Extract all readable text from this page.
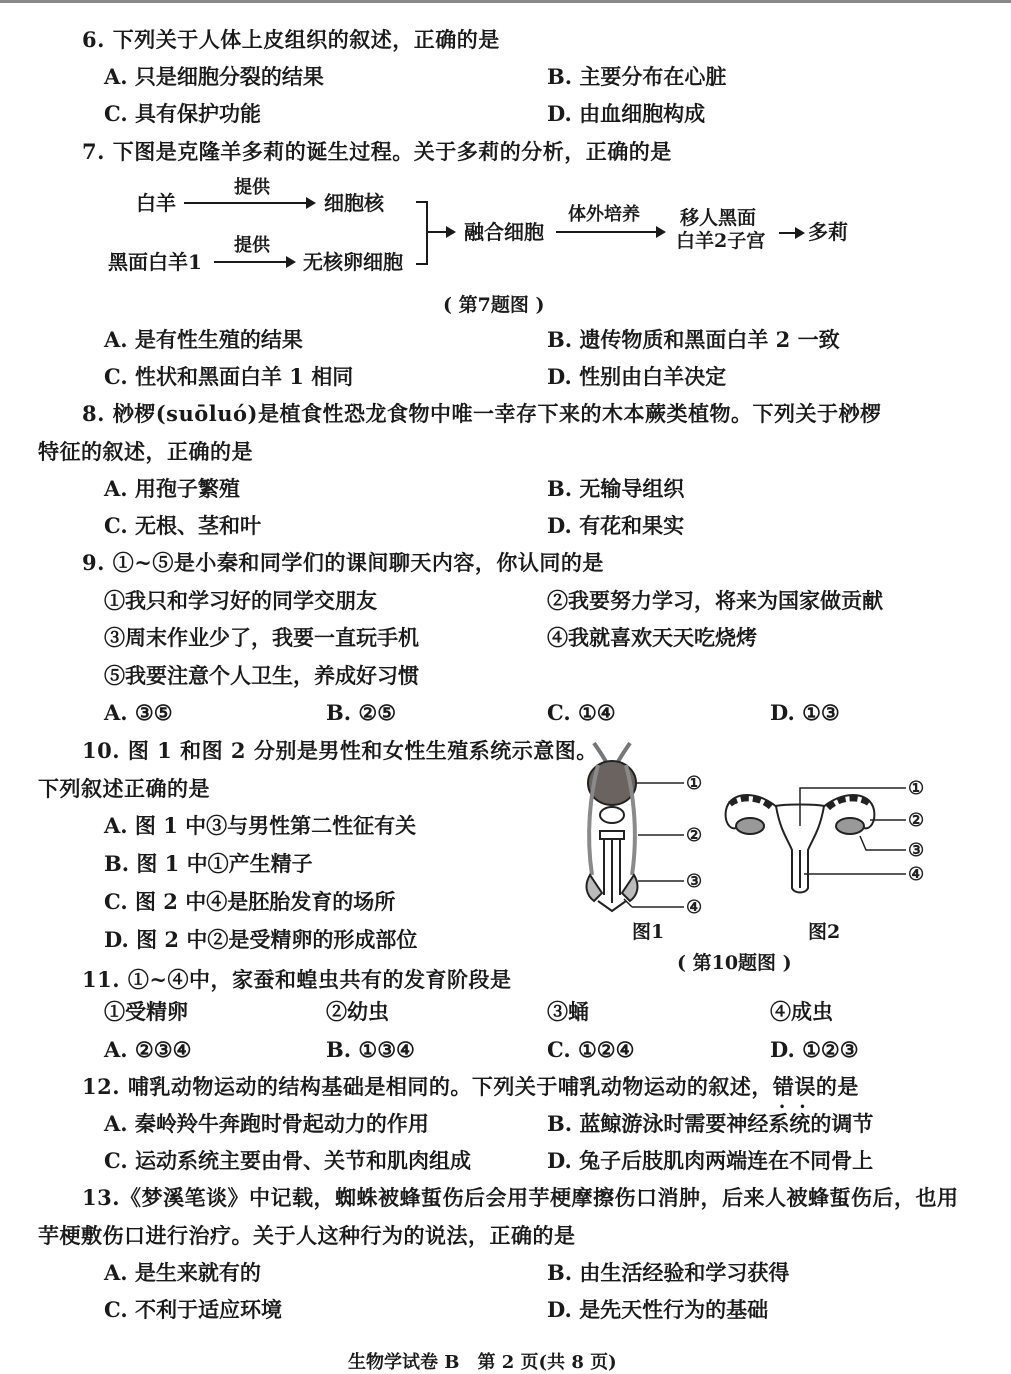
6. 下列关于人体上皮组织的叙述，正确的是
A. 只是细胞分裂的结果	B. 主要分布在心脏
C. 具有保护功能	D. 由血细胞构成
7. 下图是克隆羊多莉的诞生过程。关于多莉的分析，正确的是
白羊
提供
细胞核
黑面白羊1
提供
无核卵细胞
融合细胞
体外培养 移人黑面
白羊2子宫 多莉
( 第7题图 )
A. 是有性生殖的结果	B. 遗传物质和黑面白羊 2 一致
C. 性状和黑面白羊 1 相同	D. 性别由白羊决定
8. 桫椤(suōluó)是植食性恐龙食物中唯一幸存下来的木本蕨类植物。下列关于桫椤
特征的叙述，正确的是
A. 用孢子繁殖	B. 无输导组织
C. 无根、茎和叶	D. 有花和果实
9. ①~⑤是小秦和同学们的课间聊天内容，你认同的是
①我只和学习好的同学交朋友	②我要努力学习，将来为国家做贡献
③周末作业少了，我要一直玩手机	④我就喜欢天天吃烧烤
⑤我要注意个人卫生，养成好习惯
A. ③⑤	B. ②⑤	C. ①④	D. ①③
10. 图 1 和图 2 分别是男性和女性生殖系统示意图。
下列叙述正确的是
A. 图 1 中③与男性第二性征有关
B. 图 1 中①产生精子
C. 图 2 中④是胚胎发育的场所
D. 图 2 中②是受精卵的形成部位
①
②
③
④
①
②
③
④
图1	图2
( 第10题图 )
11. ①~④中，家蚕和蝗虫共有的发育阶段是
①受精卵	②幼虫	③蛹	④成虫
A. ②③④	B. ①③④	C. ①②④	D. ①②③
12. 哺乳动物运动的结构基础是相同的。下列关于哺乳动物运动的叙述，错误
••
的是
A. 秦岭羚牛奔跑时骨起动力的作用	B. 蓝鲸游泳时需要神经系统的调节
C. 运动系统主要由骨、关节和肌肉组成	D. 兔子后肢肌肉两端连在不同骨上
13.《梦溪笔谈》中记载，蜘蛛被蜂蜇伤后会用芋梗摩擦伤口消肿，后来人被蜂蜇伤后，也用
芋梗敷伤口进行治疗。关于人这种行为的说法，正确的是
A. 是生来就有的	B. 由生活经验和学习获得
C. 不利于适应环境	D. 是先天性行为的基础
生物学试卷 B　第 2 页(共 8 页)
